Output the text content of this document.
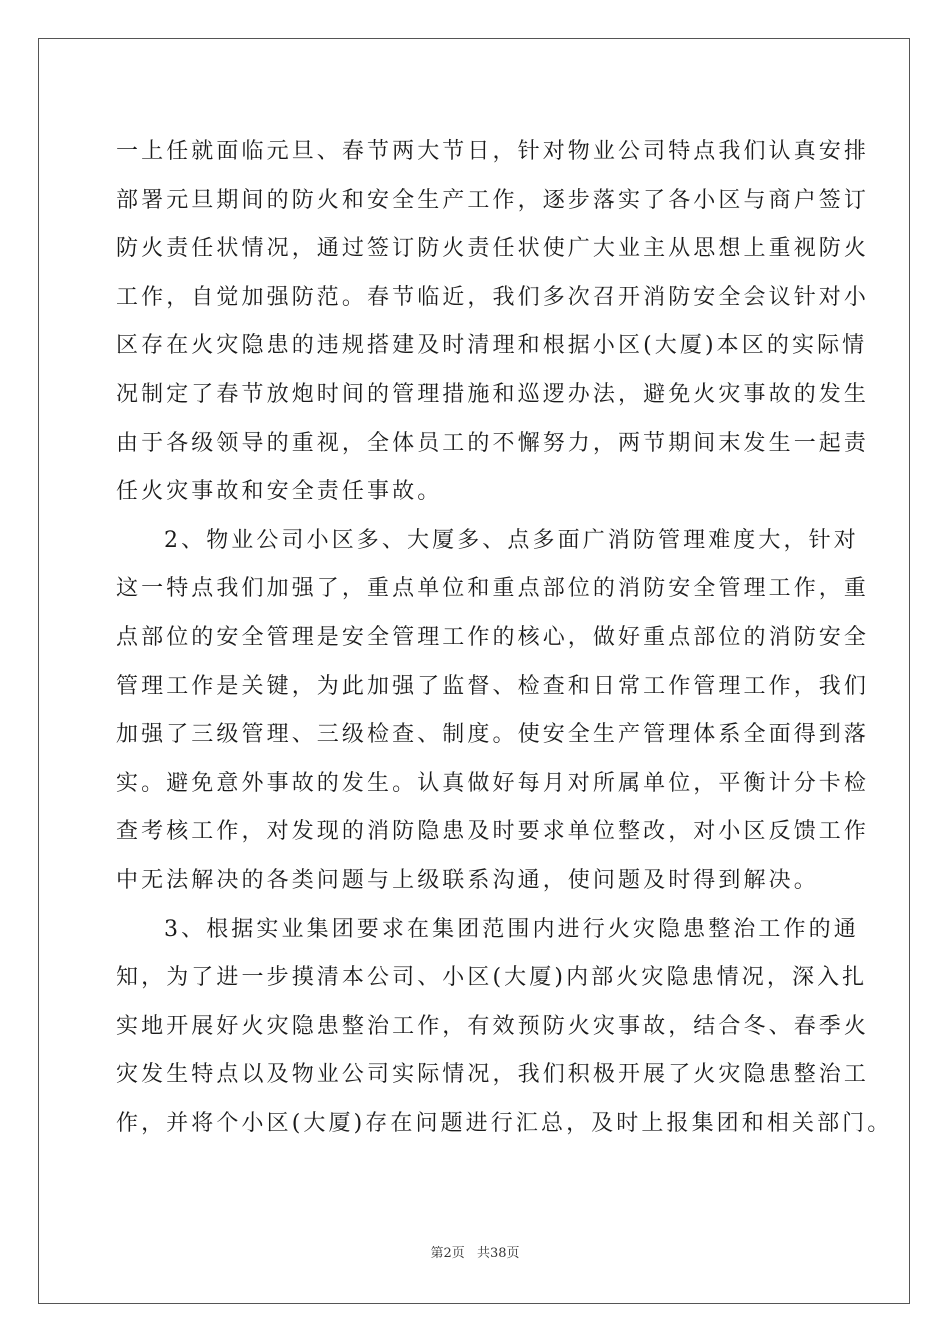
一上任就面临元旦、春节两大节日，针对物业公司特点我们认真安排
部署元旦期间的防火和安全生产工作，逐步落实了各小区与商户签订
防火责任状情况，通过签订防火责任状使广大业主从思想上重视防火
工作，自觉加强防范。春节临近，我们多次召开消防安全会议针对小
区存在火灾隐患的违规搭建及时清理和根据小区(大厦)本区的实际情
况制定了春节放炮时间的管理措施和巡逻办法，避免火灾事故的发生
由于各级领导的重视，全体员工的不懈努力，两节期间末发生一起责
任火灾事故和安全责任事故。
2、物业公司小区多、大厦多、点多面广消防管理难度大，针对
这一特点我们加强了，重点单位和重点部位的消防安全管理工作，重
点部位的安全管理是安全管理工作的核心，做好重点部位的消防安全
管理工作是关键，为此加强了监督、检查和日常工作管理工作，我们
加强了三级管理、三级检查、制度。使安全生产管理体系全面得到落
实。避免意外事故的发生。认真做好每月对所属单位，平衡计分卡检
查考核工作，对发现的消防隐患及时要求单位整改，对小区反馈工作
中无法解决的各类问题与上级联系沟通，使问题及时得到解决。
3、根据实业集团要求在集团范围内进行火灾隐患整治工作的通
知，为了进一步摸清本公司、小区(大厦)内部火灾隐患情况，深入扎
实地开展好火灾隐患整治工作，有效预防火灾事故，结合冬、春季火
灾发生特点以及物业公司实际情况，我们积极开展了火灾隐患整治工
作，并将个小区(大厦)存在问题进行汇总，及时上报集团和相关部门。
第2页 共38页
